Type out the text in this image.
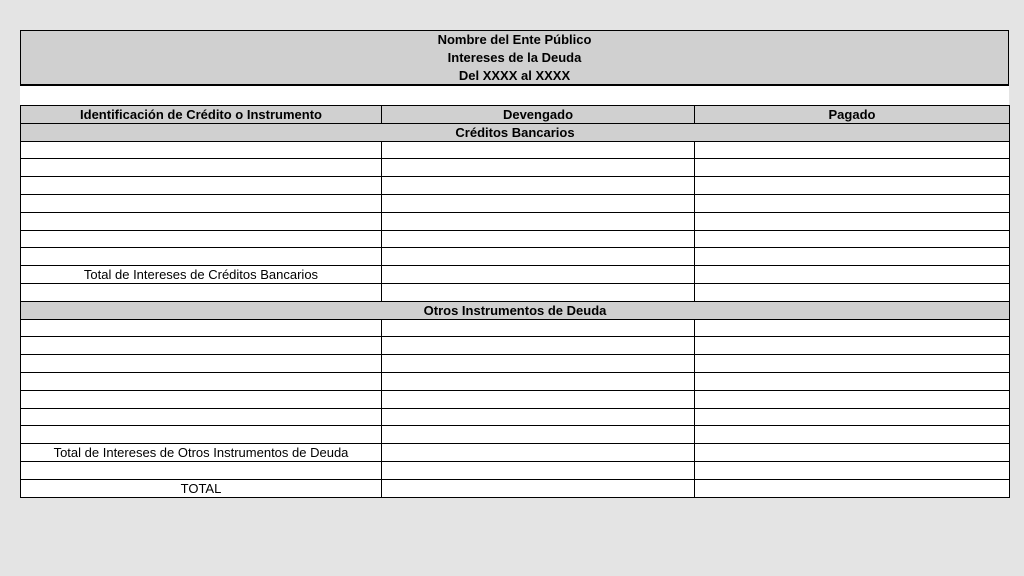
Nombre del Ente Público
Intereses de la Deuda
Del XXXX al XXXX
Identificación de Crédito o Instrumento	Devengado	Pagado
Créditos Bancarios		

Total de Intereses de Créditos Bancarios		

Otros Instrumentos de Deuda		

Total de Intereses de Otros Instrumentos de Deuda		

TOTAL		
